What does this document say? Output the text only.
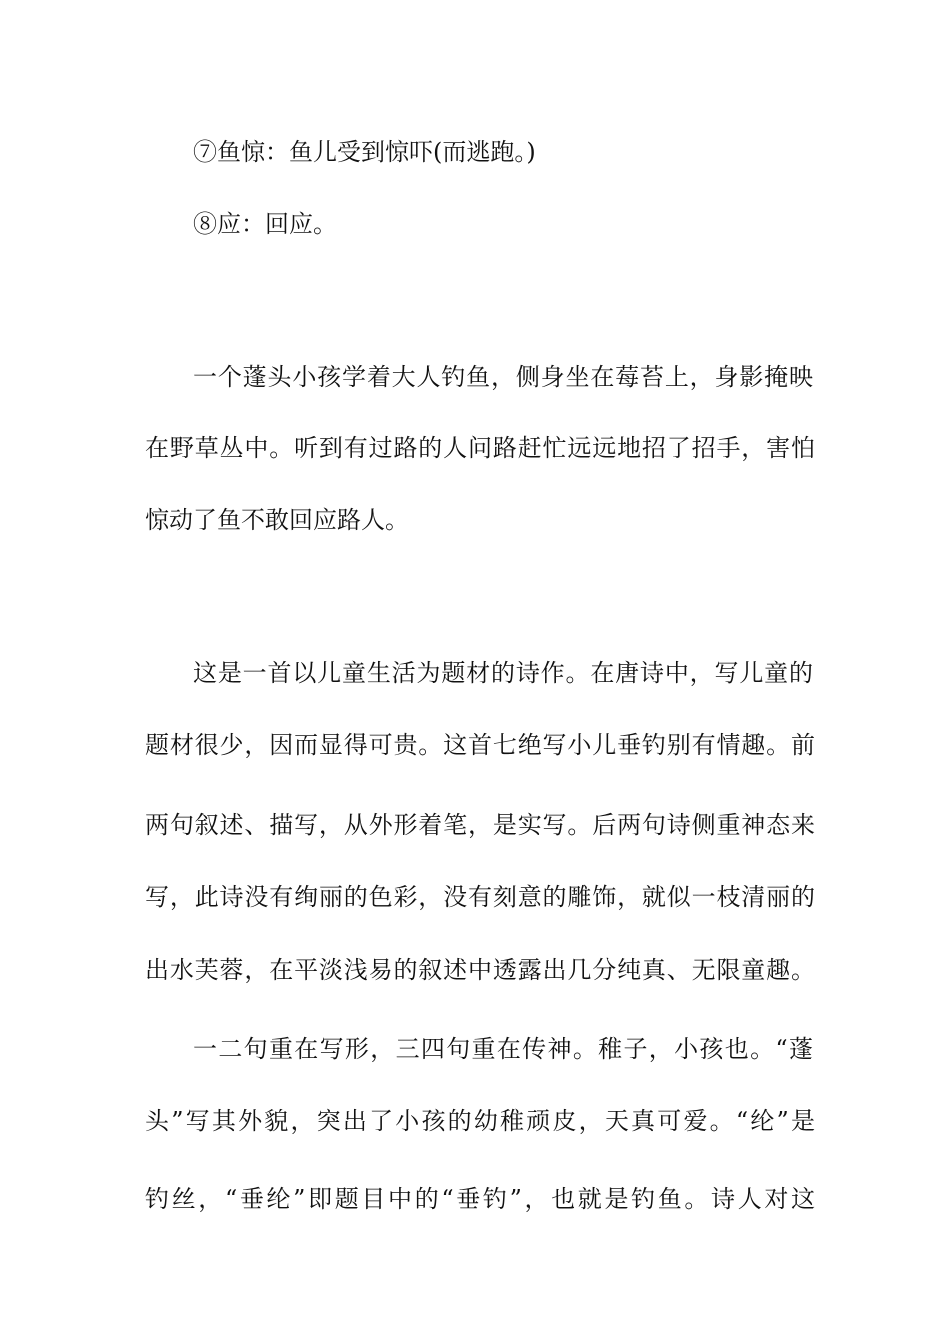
⑦鱼惊：鱼儿受到惊吓(而逃跑。)
⑧应：回应。
一个蓬头小孩学着大人钓鱼，侧身坐在莓苔上，身影掩映
在野草丛中。听到有过路的人问路赶忙远远地招了招手，害怕
惊动了鱼不敢回应路人。
这是一首以儿童生活为题材的诗作。在唐诗中，写儿童的
题材很少，因而显得可贵。这首七绝写小儿垂钓别有情趣。前
两句叙述、描写，从外形着笔，是实写。后两句诗侧重神态来
写，此诗没有绚丽的色彩，没有刻意的雕饰，就似一枝清丽的
出水芙蓉，在平淡浅易的叙述中透露出几分纯真、无限童趣。
一二句重在写形，三四句重在传神。稚子，小孩也。“蓬
头”写其外貌，突出了小孩的幼稚顽皮，天真可爱。“纶”是
钓丝，“垂纶”即题目中的“垂钓”，也就是钓鱼。诗人对这
